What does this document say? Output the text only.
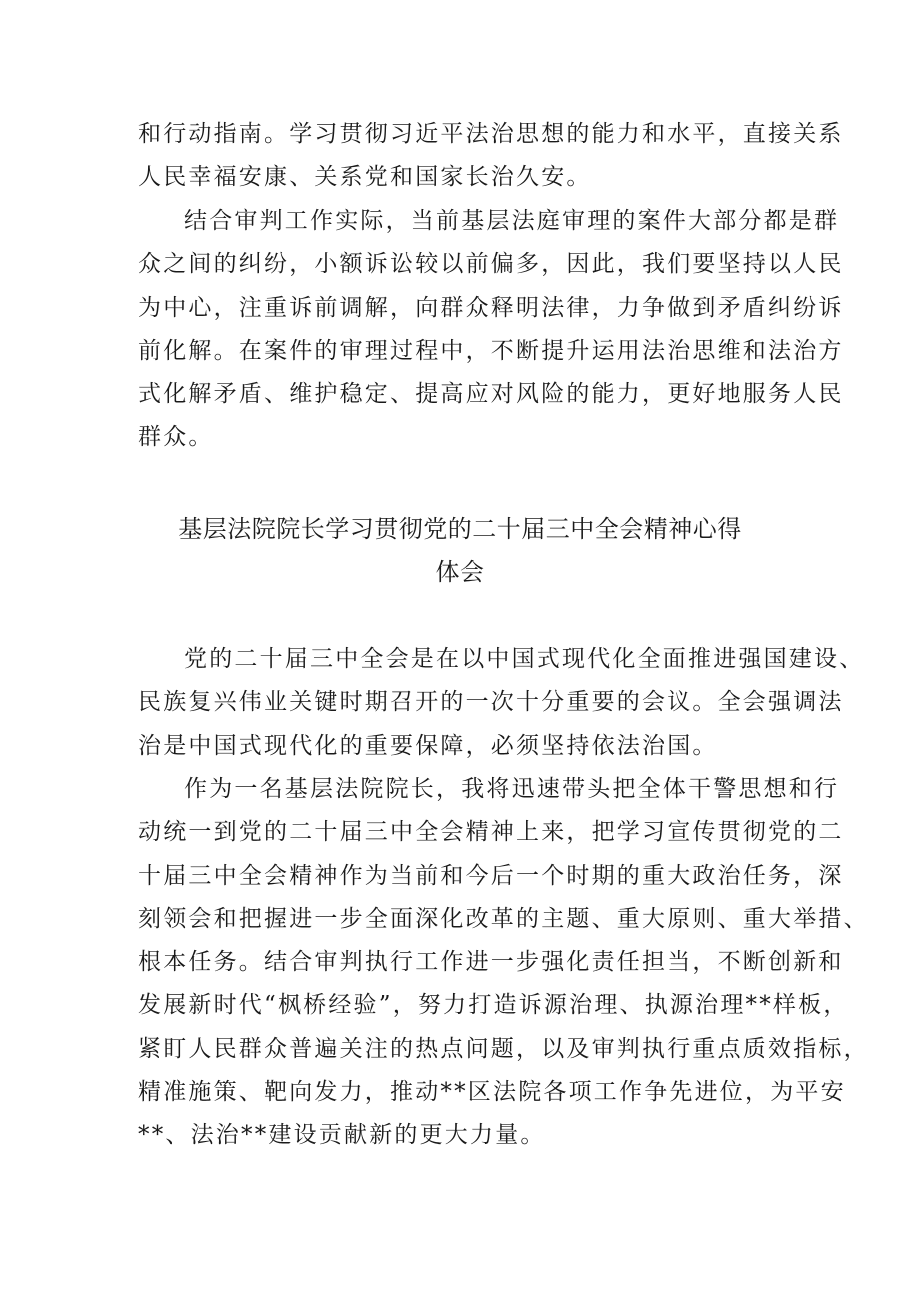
和行动指南。学习贯彻习近平法治思想的能力和水平，直接关系
人民幸福安康、关系党和国家长治久安。
结合审判工作实际，当前基层法庭审理的案件大部分都是群
众之间的纠纷，小额诉讼较以前偏多，因此，我们要坚持以人民
为中心，注重诉前调解，向群众释明法律，力争做到矛盾纠纷诉
前化解。在案件的审理过程中，不断提升运用法治思维和法治方
式化解矛盾、维护稳定、提高应对风险的能力，更好地服务人民
群众。
基层法院院长学习贯彻党的二十届三中全会精神心得
体会
党的二十届三中全会是在以中国式现代化全面推进强国建设、
民族复兴伟业关键时期召开的一次十分重要的会议。全会强调法
治是中国式现代化的重要保障，必须坚持依法治国。
作为一名基层法院院长，我将迅速带头把全体干警思想和行
动统一到党的二十届三中全会精神上来，把学习宣传贯彻党的二
十届三中全会精神作为当前和今后一个时期的重大政治任务，深
刻领会和把握进一步全面深化改革的主题、重大原则、重大举措、
根本任务。结合审判执行工作进一步强化责任担当，不断创新和
发展新时代“枫桥经验”，努力打造诉源治理、执源治理**样板，
紧盯人民群众普遍关注的热点问题，以及审判执行重点质效指标，
精准施策、靶向发力，推动**区法院各项工作争先进位，为平安
**、法治**建设贡献新的更大力量。
